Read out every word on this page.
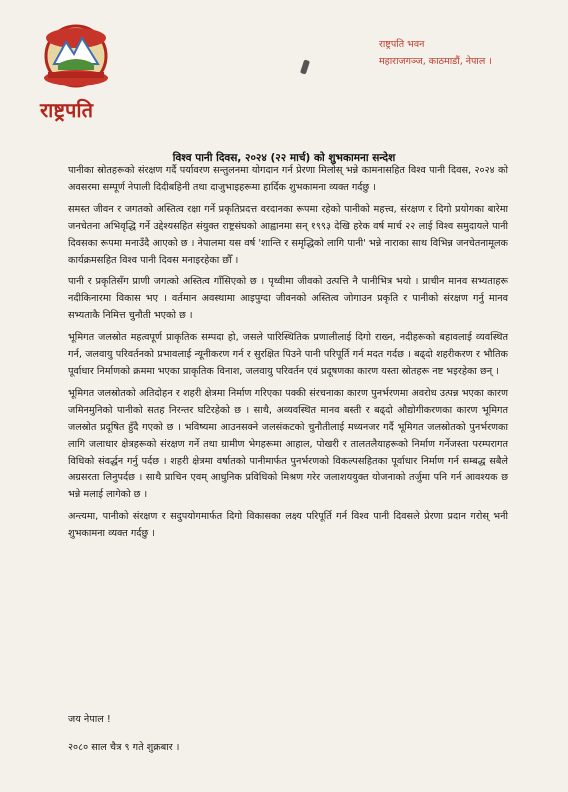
राष्ट्रपति
राष्ट्रपति भवन
महाराजगञ्ज, काठमाडौं, नेपाल ।
विश्व पानी दिवस, २०२४ (२२ मार्च) को शुभकामना सन्देश

पानीका स्रोतहरूको संरक्षण गर्दै पर्यावरण सन्तुलनमा योगदान गर्न प्रेरणा मिलोस् भन्ने कामनासहित विश्व पानी दिवस, २०२४ को अवसरमा सम्पूर्ण नेपाली दिदीबहिनी तथा दाजुभाइहरूमा हार्दिक शुभकामना व्यक्त गर्दछु ।

समस्त जीवन र जगतको अस्तित्व रक्षा गर्ने प्रकृतिप्रदत्त वरदानका रूपमा रहेको पानीको महत्त्व, संरक्षण र दिगो प्रयोगका बारेमा जनचेतना अभिवृद्धि गर्ने उद्देश्यसहित संयुक्त राष्ट्रसंघको आह्वानमा सन् १९९३ देखि हरेक वर्ष मार्च २२ लाई विश्व समुदायले पानी दिवसका रूपमा मनाउँदै आएको छ । नेपालमा यस वर्ष 'शान्ति र समृद्धिको लागि पानी' भन्ने नाराका साथ विभिन्न जनचेतनामूलक कार्यक्रमसहित विश्व पानी दिवस मनाइरहेका छौँ ।

पानी र प्रकृतिसँग प्राणी जगत्को अस्तित्व गाँसिएको छ । पृथ्वीमा जीवको उत्पत्ति नै पानीभित्र भयो । प्राचीन मानव सभ्यताहरू नदीकिनारमा विकास भए । वर्तमान अवस्थामा आइपुग्दा जीवनको अस्तित्व जोगाउन प्रकृति र पानीको संरक्षण गर्नु मानव सभ्यताकै निमित्त चुनौती भएको छ ।

भूमिगत जलस्रोत महत्वपूर्ण प्राकृतिक सम्पदा हो, जसले पारिस्थितिक प्रणालीलाई दिगो राख्न, नदीहरूको बहावलाई व्यवस्थित गर्न, जलवायु परिवर्तनको प्रभावलाई न्यूनीकरण गर्न र सुरक्षित पिउने पानी परिपूर्ति गर्न मदत गर्दछ । बढ्दो शहरीकरण र भौतिक पूर्वाधार निर्माणको क्रममा भएका प्राकृतिक विनाश, जलवायु परिवर्तन एवं प्रदूषणका कारण यस्ता स्रोतहरू नष्ट भइरहेका छन् ।

भूमिगत जलस्रोतको अतिदोहन र शहरी क्षेत्रमा निर्माण गरिएका पक्की संरचनाका कारण पुनर्भरणमा अवरोध उत्पन्न भएका कारण जमिनमुनिको पानीको सतह निरन्तर घटिरहेको छ । साथै, अव्यवस्थित मानव बस्ती र बढ्दो औद्योगीकरणका कारण भूमिगत जलस्रोत प्रदूषित हुँदै गएको छ । भविष्यमा आउनसक्ने जलसंकटको चुनौतीलाई मध्यनजर गर्दै भूमिगत जलस्रोतको पुनर्भरणका लागि जलाधार क्षेत्रहरूको संरक्षण गर्ने तथा ग्रामीण भेगहरूमा आहाल, पोखरी र तालतलैयाहरूको निर्माण गर्नेजस्ता परम्परागत विधिको संवर्द्धन गर्नु पर्दछ । शहरी क्षेत्रमा वर्षातको पानीमार्फत पुनर्भरणको विकल्पसहितका पूर्वाधार निर्माण गर्न सम्बद्ध सबैले अग्रसरता लिनुपर्दछ । साथै प्राचिन एवम् आधुनिक प्रविधिको मिश्रण गरेर जलाशययुक्त योजनाको तर्जुमा पनि गर्न आवश्यक छ भन्ने मलाई लागेको छ ।

अन्त्यमा, पानीको संरक्षण र सदुपयोगमार्फत दिगो विकासका लक्ष्य परिपूर्ति गर्न विश्व पानी दिवसले प्रेरणा प्रदान गरोस् भनी शुभकामना व्यक्त गर्दछु ।

जय नेपाल !
२०८० साल चैत्र ९ गते शुक्रबार ।
